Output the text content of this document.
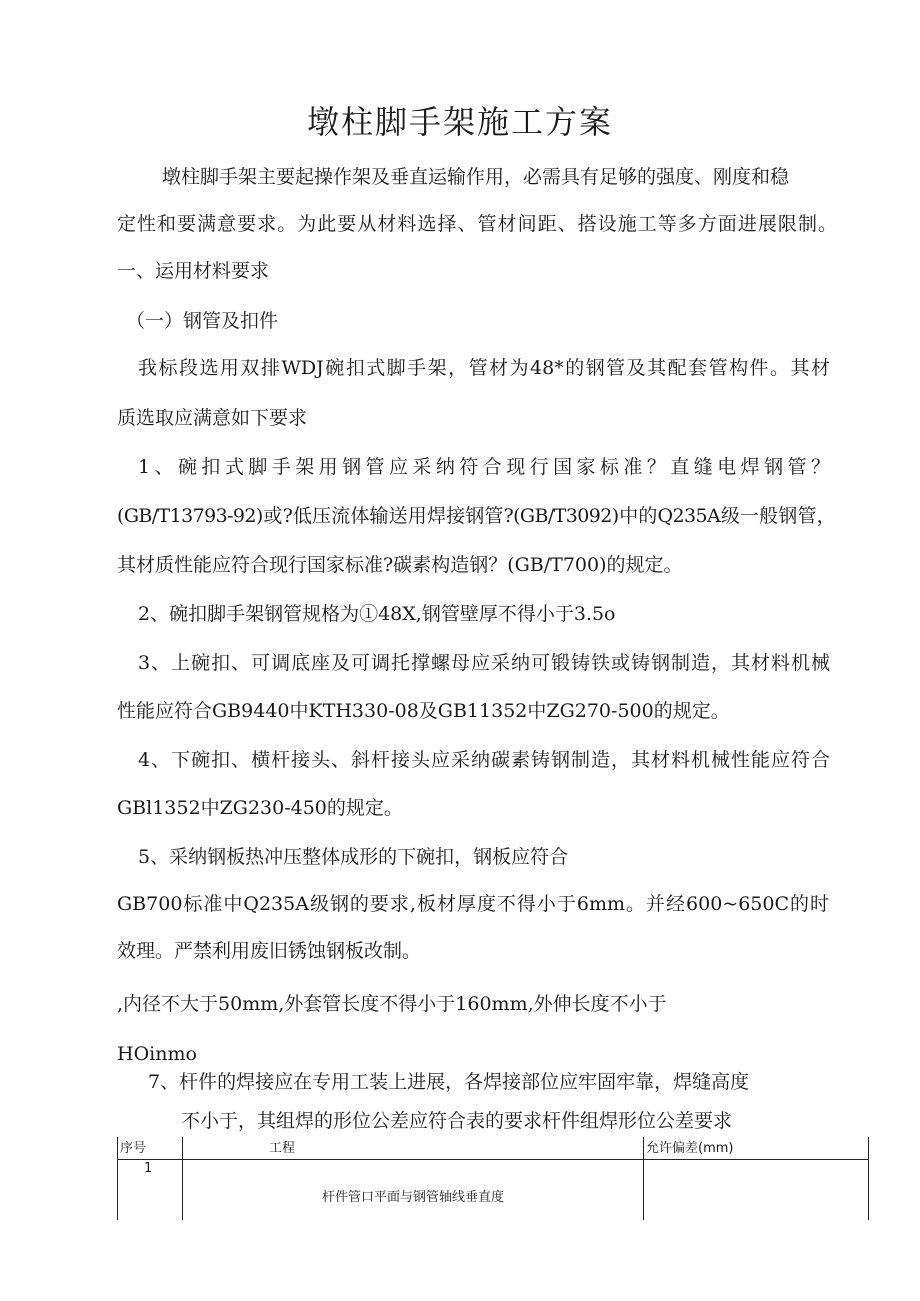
墩柱脚手架施工方案
墩柱脚手架主要起操作架及垂直运输作用，必需具有足够的强度、刚度和稳
定性和要满意要求。为此要从材料选择、管材间距、搭设施工等多方面进展限制。
一、运用材料要求
（一）钢管及扣件
我标段选用双排WDJ碗扣式脚手架，管材为48*的钢管及其配套管构件。其材
质选取应满意如下要求
1、碗扣式脚手架用钢管应采纳符合现行国家标准？直缝电焊钢管？
(GB/T13793-92)或?低压流体输送用焊接钢管?(GB/T3092)中的Q235A级一般钢管，
其材质性能应符合现行国家标准?碳素构造钢？(GB/T700)的规定。
2、碗扣脚手架钢管规格为①48X,钢管壁厚不得小于3.5o
3、上碗扣、可调底座及可调托撑螺母应采纳可锻铸铁或铸钢制造，其材料机械
性能应符合GB9440中KTH330-08及GB11352中ZG270-500的规定。
4、下碗扣、横杆接头、斜杆接头应采纳碳素铸钢制造，其材料机械性能应符合
GBl1352中ZG230-450的规定。
5、采纳钢板热冲压整体成形的下碗扣，钢板应符合
GB700标准中Q235A级钢的要求,板材厚度不得小于6mm。并经600~650C的时
效理。严禁利用废旧锈蚀钢板改制。
,内径不大于50mm,外套管长度不得小于160mm,外伸长度不小于
HOinmo
7、杆件的焊接应在专用工装上进展，各焊接部位应牢固牢靠，焊缝高度
不小于，其组焊的形位公差应符合表的要求杆件组焊形位公差要求
序号	工程	允许偏差(mm)
1	杆件管口平面与钢管轴线垂直度	
